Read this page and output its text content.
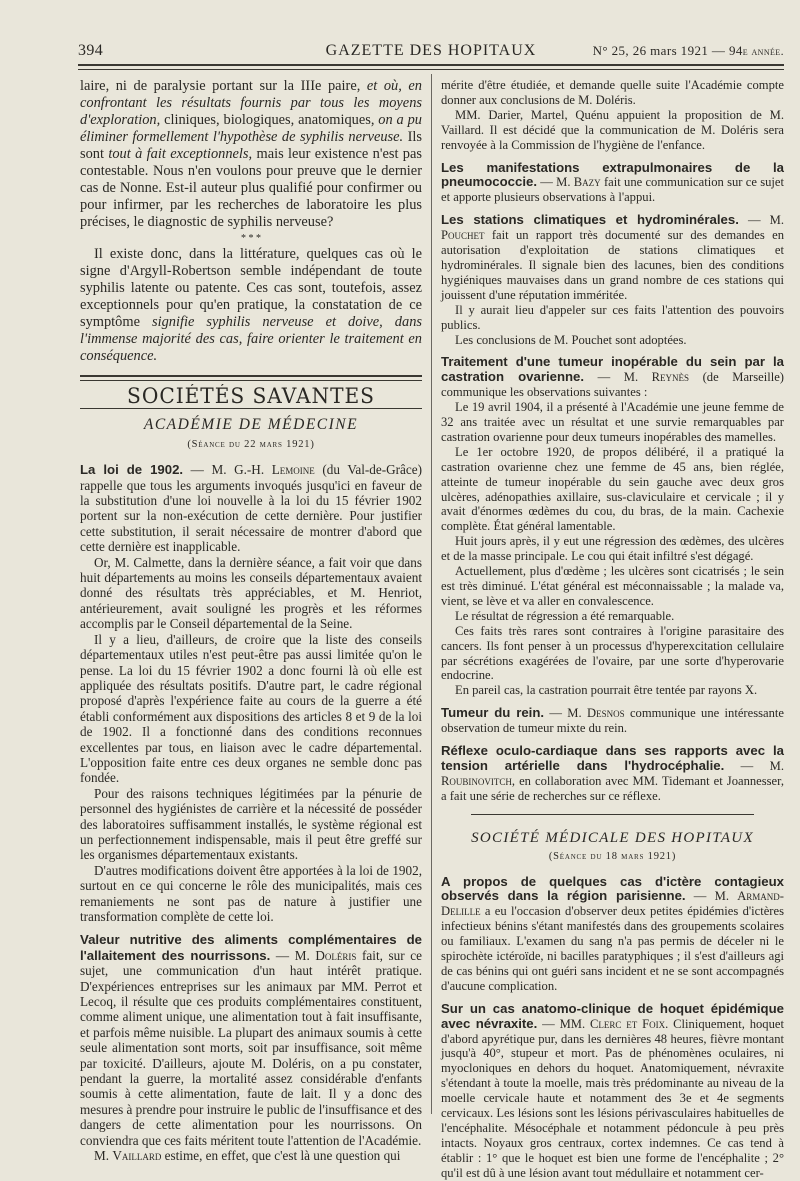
394	GAZETTE DES HOPITAUX	N° 25, 26 mars 1921 — 94e année.

laire, ni de paralysie portant sur la IIIe paire, et où, en confrontant les résultats fournis par tous les moyens d'exploration, cliniques, biologiques, anatomiques, on a pu éliminer formellement l'hypothèse de syphilis nerveuse. Ils sont tout à fait exceptionnels, mais leur existence n'est pas contestable. Nous n'en voulons pour preuve que le dernier cas de Nonne. Est-il auteur plus qualifié pour confirmer ou pour infirmer, par les recherches de laboratoire les plus précises, le diagnostic de syphilis nerveuse?

* * *

Il existe donc, dans la littérature, quelques cas où le signe d'Argyll-Robertson semble indépendant de toute syphilis latente ou patente. Ces cas sont, toutefois, assez exceptionnels pour qu'en pratique, la constatation de ce symptôme signifie syphilis nerveuse et doive, dans l'immense majorité des cas, faire orienter le traitement en conséquence.

SOCIÉTÉS SAVANTES
ACADÉMIE DE MÉDECINE
(Séance du 22 mars 1921)

La loi de 1902. — M. G.-H. Lemoine (du Val-de-Grâce) rappelle que tous les arguments invoqués jusqu'ici en faveur de la substitution d'une loi nouvelle à la loi du 15 février 1902 portent sur la non-exécution de cette dernière. Pour justifier cette substitution, il serait nécessaire de montrer d'abord que cette dernière est inapplicable.

Or, M. Calmette, dans la dernière séance, a fait voir que dans huit départements au moins les conseils départementaux avaient donné des résultats très appréciables, et M. Henriot, antérieurement, avait souligné les progrès et les réformes accomplis par le Conseil départemental de la Seine.

Il y a lieu, d'ailleurs, de croire que la liste des conseils départementaux utiles n'est peut-être pas aussi limitée qu'on le pense. La loi du 15 février 1902 a donc fourni là où elle est appliquée des résultats positifs. D'autre part, le cadre régional proposé d'après l'expérience faite au cours de la guerre a été établi conformément aux dispositions des articles 8 et 9 de la loi de 1902. Il a fonctionné dans des conditions reconnues excellentes par tous, en liaison avec le cadre départemental. L'opposition faite entre ces deux organes ne semble donc pas fondée.

Pour des raisons techniques légitimées par la pénurie de personnel des hygiénistes de carrière et la nécessité de posséder des laboratoires suffisamment installés, le système régional est un perfectionnement indispensable, mais il peut être greffé sur les organismes départementaux existants.

D'autres modifications doivent être apportées à la loi de 1902, surtout en ce qui concerne le rôle des municipalités, mais ces remaniements ne sont pas de nature à justifier une transformation complète de cette loi.

Valeur nutritive des aliments complémentaires de l'allaitement des nourrissons. — M. Doléris fait, sur ce sujet, une communication d'un haut intérêt pratique. D'expériences entreprises sur les animaux par MM. Perrot et Lecoq, il résulte que ces produits complémentaires constituent, comme aliment unique, une alimentation tout à fait insuffisante, et parfois même nuisible. La plupart des animaux soumis à cette seule alimentation sont morts, soit par insuffisance, soit même par toxicité. D'ailleurs, ajoute M. Doléris, on a pu constater, pendant la guerre, la mortalité assez considérable d'enfants soumis à cette alimentation, faute de lait. Il y a donc des mesures à prendre pour instruire le public de l'insuffisance et des dangers de cette alimentation pour les nourrissons. On conviendra que ces faits méritent toute l'attention de l'Académie.

M. Vaillard estime, en effet, que c'est là une question qui

mérite d'être étudiée, et demande quelle suite l'Académie compte donner aux conclusions de M. Doléris.

MM. Darier, Martel, Quénu appuient la proposition de M. Vaillard. Il est décidé que la communication de M. Doléris sera renvoyée à la Commission de l'hygiène de l'enfance.

Les manifestations extrapulmonaires de la pneumococcie. — M. Bazy fait une communication sur ce sujet et apporte plusieurs observations à l'appui.

Les stations climatiques et hydrominérales. — M. Pouchet fait un rapport très documenté sur des demandes en autorisation d'exploitation de stations climatiques et hydrominérales. Il signale bien des lacunes, bien des conditions hygiéniques mauvaises dans un grand nombre de ces stations qui jouissent d'une réputation imméritée.

Il y aurait lieu d'appeler sur ces faits l'attention des pouvoirs publics.

Les conclusions de M. Pouchet sont adoptées.

Traitement d'une tumeur inopérable du sein par la castration ovarienne. — M. Reynès (de Marseille) communique les observations suivantes :

Le 19 avril 1904, il a présenté à l'Académie une jeune femme de 32 ans traitée avec un résultat et une survie remarquables par castration ovarienne pour deux tumeurs inopérables des mamelles.

Le 1er octobre 1920, de propos délibéré, il a pratiqué la castration ovarienne chez une femme de 45 ans, bien réglée, atteinte de tumeur inopérable du sein gauche avec deux gros ulcères, adénopathies axillaire, sus-claviculaire et cervicale ; il y avait d'énormes œdèmes du cou, du bras, de la main. Cachexie complète. État général lamentable.

Huit jours après, il y eut une régression des œdèmes, des ulcères et de la masse principale. Le cou qui était infiltré s'est dégagé.

Actuellement, plus d'œdème ; les ulcères sont cicatrisés ; le sein est très diminué. L'état général est méconnaissable ; la malade va, vient, se lève et va aller en convalescence.

Le résultat de régression a été remarquable.

Ces faits très rares sont contraires à l'origine parasitaire des cancers. Ils font penser à un processus d'hyperexcitation cellulaire par sécrétions exagérées de l'ovaire, par une sorte d'hyperovarie endocrine.

En pareil cas, la castration pourrait être tentée par rayons X.

Tumeur du rein. — M. Desnos communique une intéressante observation de tumeur mixte du rein.

Réflexe oculo-cardiaque dans ses rapports avec la tension artérielle dans l'hydrocéphalie. — M. Roubinovitch, en collaboration avec MM. Tidemant et Joannesser, a fait une série de recherches sur ce réflexe.

SOCIÉTÉ MÉDICALE DES HOPITAUX
(Séance du 18 mars 1921)

A propos de quelques cas d'ictère contagieux observés dans la région parisienne. — M. Armand-Delille a eu l'occasion d'observer deux petites épidémies d'ictères infectieux bénins s'étant manifestés dans des groupements scolaires ou familiaux. L'examen du sang n'a pas permis de déceler ni le spirochète ictéroïde, ni bacilles paratyphiques ; il s'est d'ailleurs agi de cas bénins qui ont guéri sans incident et ne se sont accompagnés d'aucune complication.

Sur un cas anatomo-clinique de hoquet épidémique avec névraxite. — MM. Clerc et Foix. Cliniquement, hoquet d'abord apyrétique pur, dans les dernières 48 heures, fièvre montant jusqu'à 40°, stupeur et mort. Pas de phénomènes oculaires, ni myocloniques en dehors du hoquet. Anatomiquement, névraxite s'étendant à toute la moelle, mais très prédominante au niveau de la moelle cervicale haute et notamment des 3e et 4e segments cervicaux. Les lésions sont les lésions périvasculaires habituelles de l'encéphalite. Mésocéphale et notamment pédoncule à peu près intacts. Noyaux gros centraux, cortex indemnes. Ce cas tend à établir : 1° que le hoquet est bien une forme de l'encéphalite ; 2° qu'il est dû à une lésion avant tout médullaire et notamment cer-
